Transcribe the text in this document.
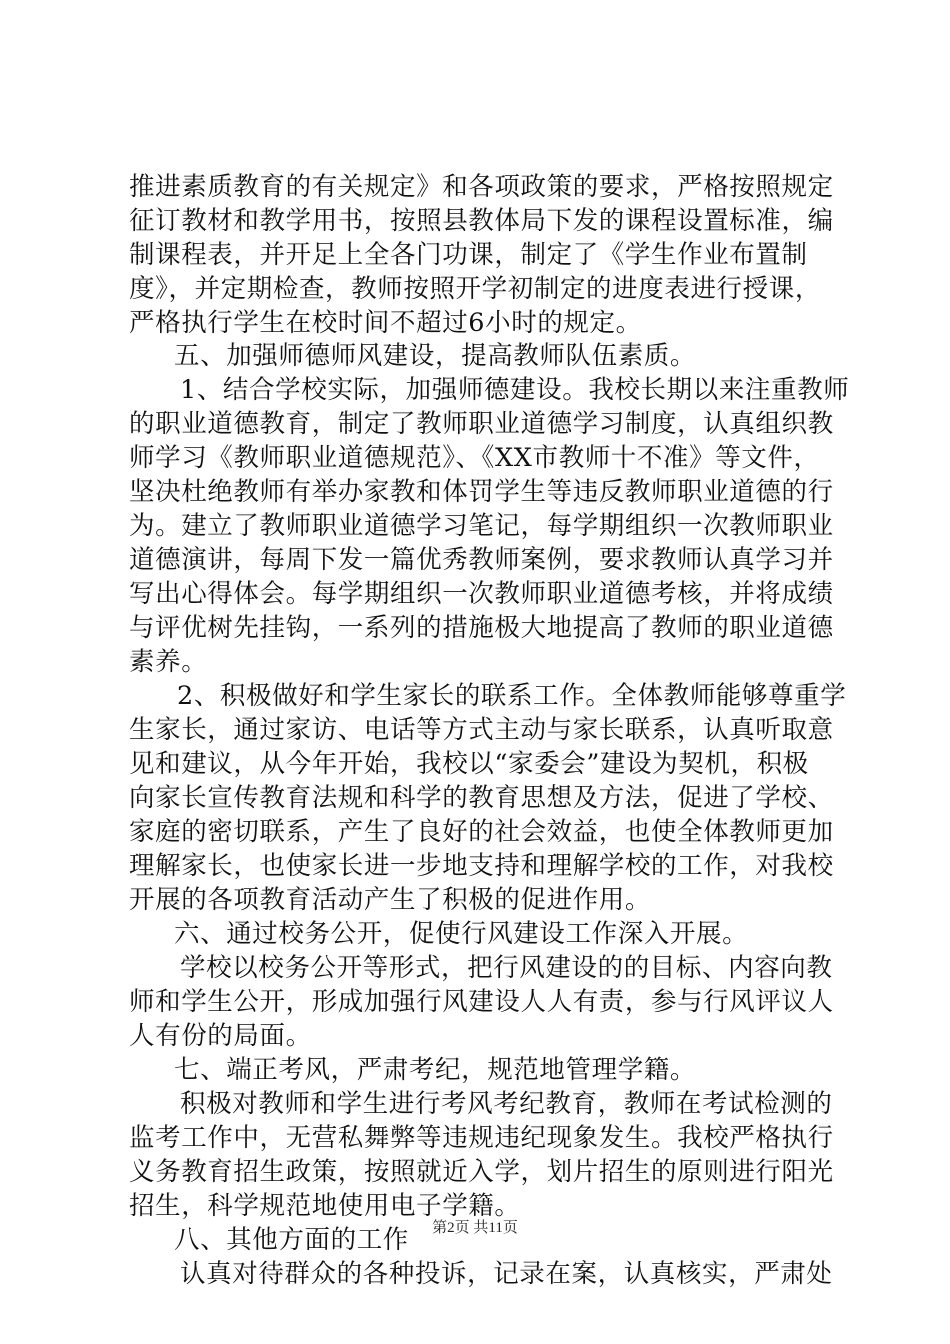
推进素质教育的有关规定》和各项政策的要求，严格按照规定
征订教材和教学用书，按照县教体局下发的课程设置标准，编
制课程表，并开足上全各门功课，制定了《学生作业布置制
度》，并定期检查，教师按照开学初制定的进度表进行授课，
严格执行学生在校时间不超过6小时的规定。
五、加强师德师风建设，提高教师队伍素质。
1、结合学校实际，加强师德建设。我校长期以来注重教师
的职业道德教育，制定了教师职业道德学习制度，认真组织教
师学习《教师职业道德规范》、《XX市教师十不准》等文件，
坚决杜绝教师有举办家教和体罚学生等违反教师职业道德的行
为。建立了教师职业道德学习笔记，每学期组织一次教师职业
道德演讲，每周下发一篇优秀教师案例，要求教师认真学习并
写出心得体会。每学期组织一次教师职业道德考核，并将成绩
与评优树先挂钩，一系列的措施极大地提高了教师的职业道德
素养。
2、积极做好和学生家长的联系工作。全体教师能够尊重学
生家长，通过家访、电话等方式主动与家长联系，认真听取意
见和建议，从今年开始，我校以“家委会”建设为契机，积极
向家长宣传教育法规和科学的教育思想及方法，促进了学校、
家庭的密切联系，产生了良好的社会效益，也使全体教师更加
理解家长，也使家长进一步地支持和理解学校的工作，对我校
开展的各项教育活动产生了积极的促进作用。
六、通过校务公开，促使行风建设工作深入开展。
学校以校务公开等形式，把行风建设的的目标、内容向教
师和学生公开，形成加强行风建设人人有责，参与行风评议人
人有份的局面。
七、端正考风，严肃考纪，规范地管理学籍。
积极对教师和学生进行考风考纪教育，教师在考试检测的
监考工作中，无营私舞弊等违规违纪现象发生。我校严格执行
义务教育招生政策，按照就近入学，划片招生的原则进行阳光
招生，科学规范地使用电子学籍。
八、其他方面的工作
认真对待群众的各种投诉，记录在案，认真核实，严肃处
第2页 共11页
